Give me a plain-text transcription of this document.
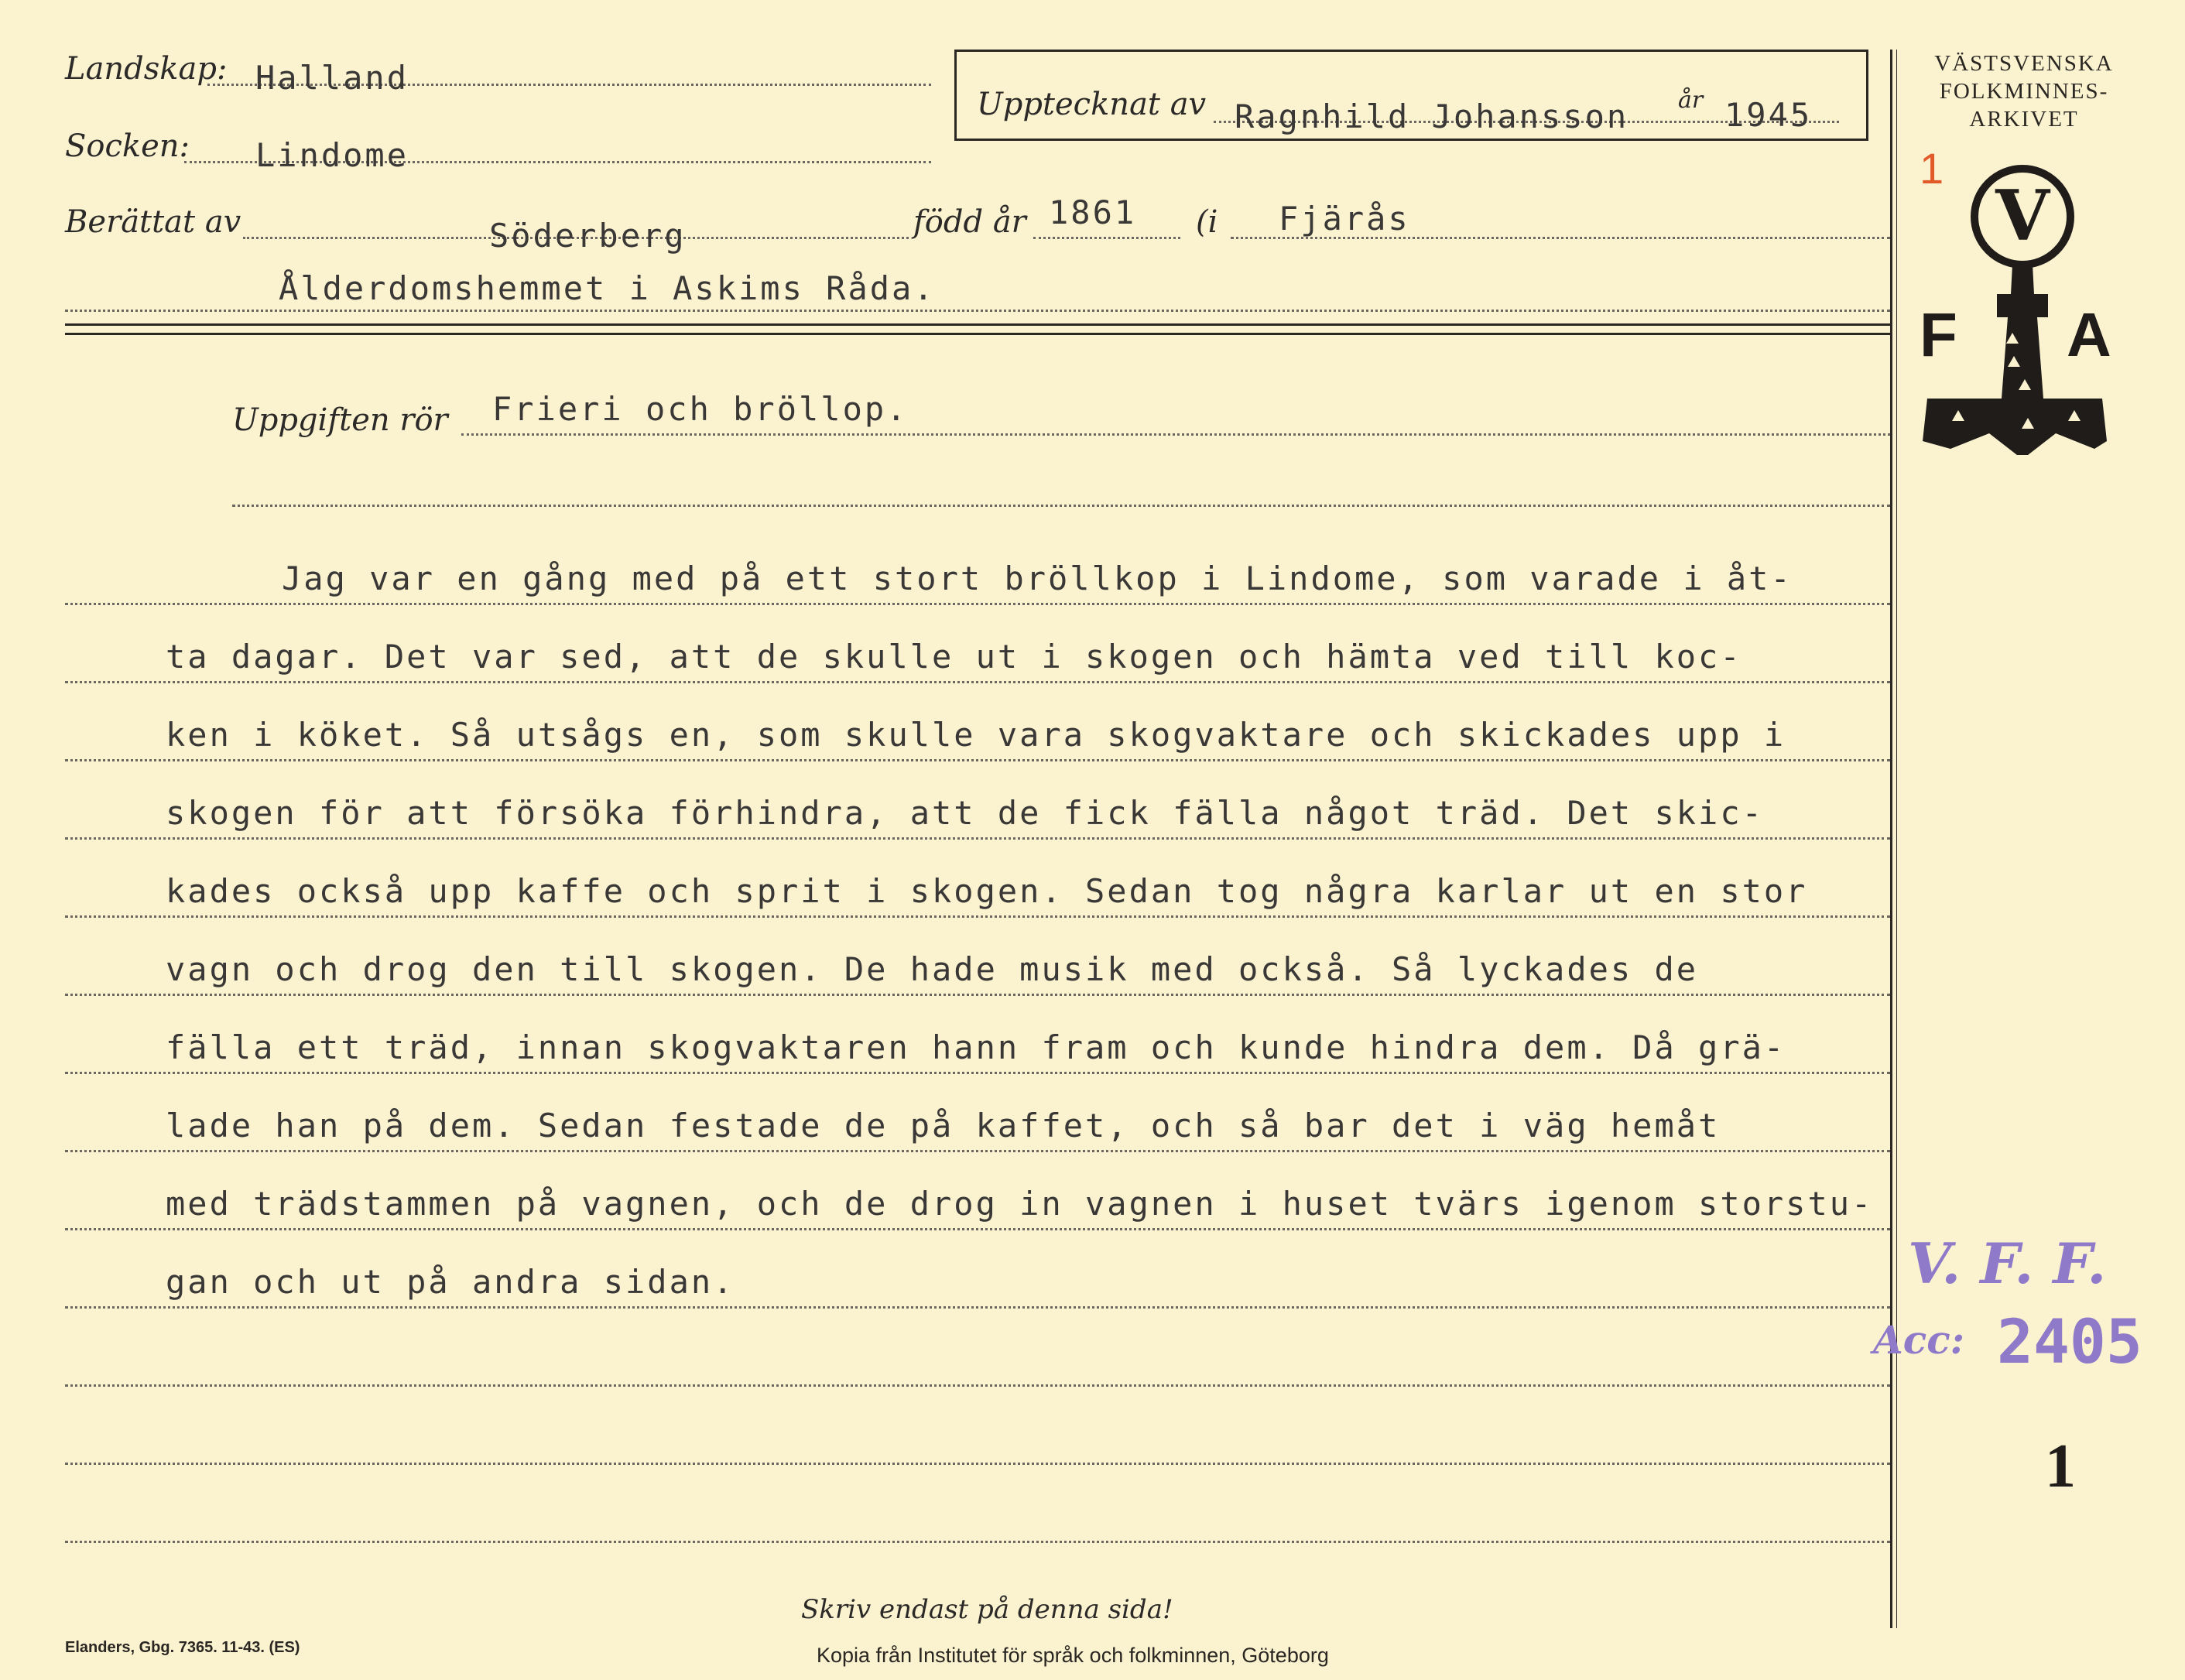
Landskap: Halland
Socken: Lindome
Berättat av	Söderberg	född år 1861 (i Fjärås
Ålderdomshemmet i Askims Råda.
Upptecknat av Ragnhild Johansson år 1945
Uppgiften rör Frieri och bröllop.
Jag var en gång med på ett stort bröllkop i Lindome, som varade i åt-
ta dagar. Det var sed, att de skulle ut i skogen och hämta ved till koc-
ken i köket. Så utsågs en, som skulle vara skogvaktare och skickades upp i
skogen för att försöka förhindra, att de fick fälla något träd. Det skic-
kades också upp kaffe och sprit i skogen. Sedan tog några karlar ut en stor
vagn och drog den till skogen. De hade musik med också. Så lyckades de
fälla ett träd, innan skogvaktaren hann fram och kunde hindra dem. Då grä-
lade han på dem. Sedan festade de på kaffet, och så bar det i väg hemåt
med trädstammen på vagnen, och de drog in vagnen i huset tvärs igenom storstu-
gan och ut på andra sidan.
VÄSTSVENSKA
FOLKMINNES-
ARKIVET
1
V
F A
V. F. F.
Acc: 2405
1
Skriv endast på denna sida!
Elanders, Gbg. 7365. 11-43. (ES)	Kopia från Institutet för språk och folkminnen, Göteborg
